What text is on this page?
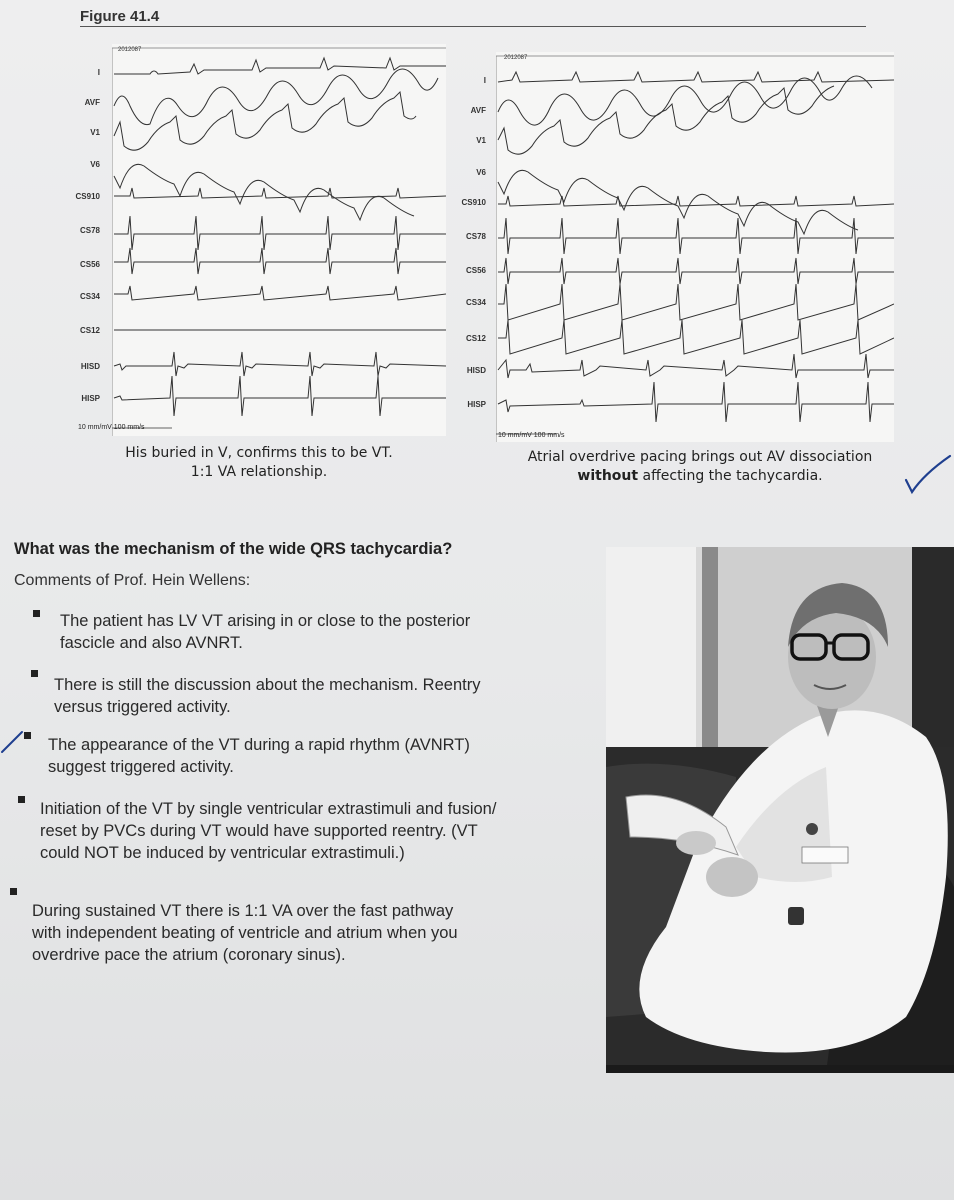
Figure 41.4
2012087
I
AVF
V1
V6
CS910
CS78
CS56
CS34
CS12
HISD
HISP
10 mm/mV 100 mm/s
His buried in V, confirms this to be VT.
1:1 VA relationship.
2012087
I
AVF
V1
V6
CS910
CS78
CS56
CS34
CS12
HISD
HISP
10 mm/mV 100 mm/s
Atrial overdrive pacing brings out AV dissociation
without affecting the tachycardia.
What was the mechanism of the wide QRS tachycardia?
Comments of Prof. Hein Wellens:
The patient has LV VT arising in or close to the posterior
fascicle and also AVNRT.
There is still the discussion about the mechanism. Reentry
versus triggered activity.
The appearance of the VT during a rapid rhythm (AVNRT)
suggest triggered activity.
Initiation of the VT by single ventricular extrastimuli and fusion/
reset by PVCs during VT would have supported reentry. (VT
could NOT be induced by ventricular extrastimuli.)
During sustained VT there is 1:1 VA over the fast pathway
with independent beating of ventricle and atrium when you
overdrive pace the atrium (coronary sinus).
